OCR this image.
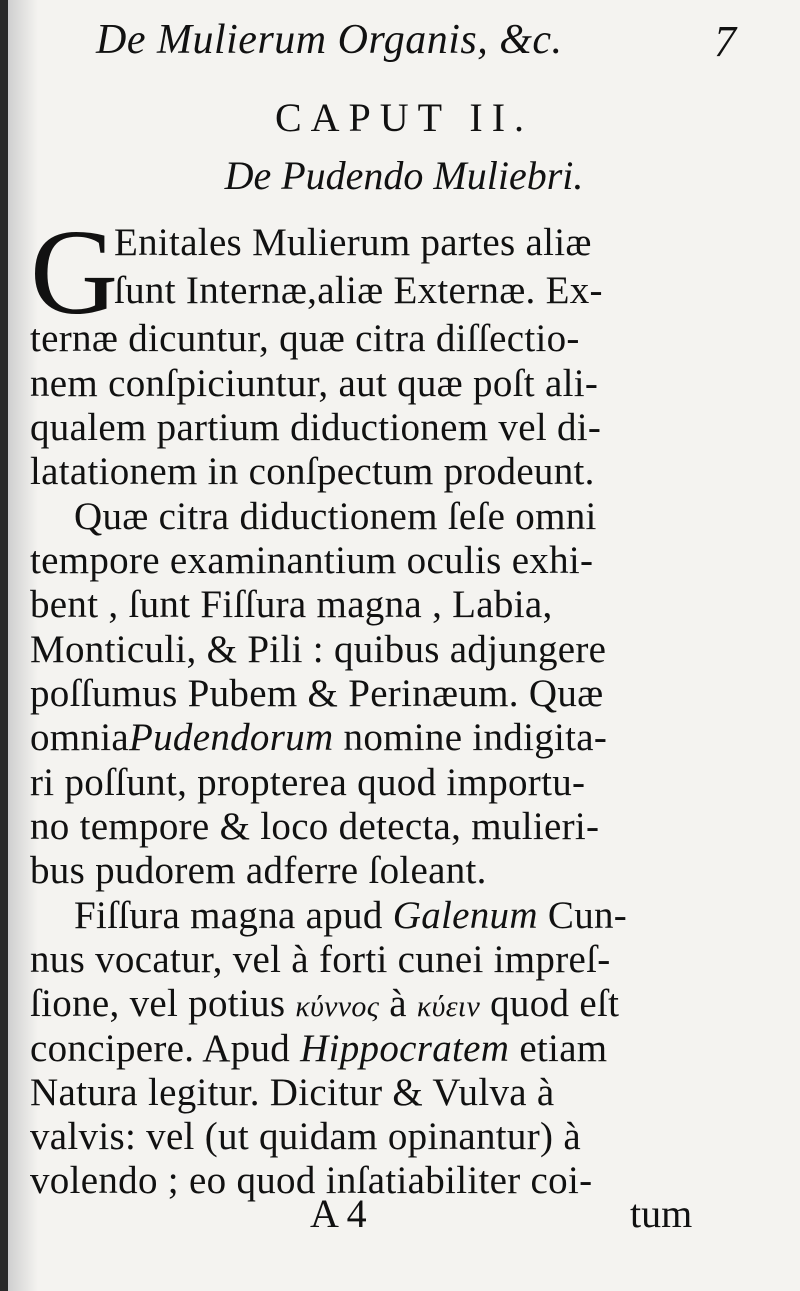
De Mulierum Organis, &c.	7
CAPUT II.
De Pudendo Muliebri.
G
Enitales Mulierum partes aliæ
ſunt Internæ,aliæ Externæ. Ex-
ternæ dicuntur, quæ citra diſſectio-
nem conſpiciuntur, aut quæ poſt ali-
qualem partium diductionem vel di-
latationem in conſpectum prodeunt.
Quæ citra diductionem ſeſe omni
tempore examinantium oculis exhi-
bent , ſunt Fiſſura magna , Labia,
Monticuli, & Pili : quibus adjungere
poſſumus Pubem & Perinæum. Quæ
omniaPudendorum nomine indigita-
ri poſſunt, propterea quod importu-
no tempore & loco detecta, mulieri-
bus pudorem adferre ſoleant.
Fiſſura magna apud Galenum Cun-
nus vocatur, vel à forti cunei impreſ-
ſione, vel potius κύννος à κύειν quod eſt
concipere. Apud Hippocratem etiam
Natura legitur. Dicitur & Vulva à
valvis: vel (ut quidam opinantur) à
volendo ; eo quod inſatiabiliter coi-
A 4	tum
